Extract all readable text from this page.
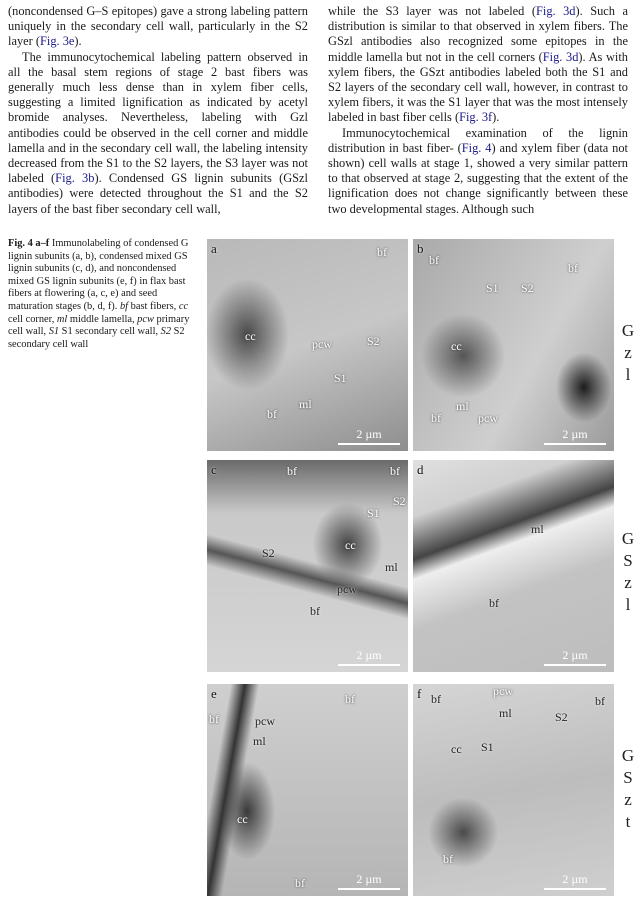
(noncondensed G–S epitopes) gave a strong labeling pattern uniquely in the secondary cell wall, particularly in the S2 layer (Fig. 3e).

The immunocytochemical labeling pattern observed in all the basal stem regions of stage 2 bast fibers was generally much less dense than in xylem fiber cells, suggesting a limited lignification as indicated by acetyl bromide analyses. Nevertheless, labeling with Gzl antibodies could be observed in the cell corner and middle lamella and in the secondary cell wall, the labeling intensity decreased from the S1 to the S2 layers, the S3 layer was not labeled (Fig. 3b). Condensed GS lignin subunits (GSzl antibodies) were detected throughout the S1 and the S2 layers of the bast fiber secondary cell wall,

while the S3 layer was not labeled (Fig. 3d). Such a distribution is similar to that observed in xylem fibers. The GSzl antibodies also recognized some epitopes in the middle lamella but not in the cell corners (Fig. 3d). As with xylem fibers, the GSzt antibodies labeled both the S1 and S2 layers of the secondary cell wall, however, in contrast to xylem fibers, it was the S1 layer that was the most intensely labeled in bast fiber cells (Fig. 3f).

Immunocytochemical examination of the lignin distribution in bast fiber- (Fig. 4) and xylem fiber (data not shown) cell walls at stage 1, showed a very similar pattern to that observed at stage 2, suggesting that the extent of the lignification does not change significantly between these two developmental stages. Although such

Fig. 4 a–f Immunolabeling of condensed G lignin subunits (a, b), condensed mixed GS lignin subunits (c, d), and noncondensed mixed GS lignin subunits (e, f) in flax bast fibers at flowering (a, c, e) and seed maturation stages (b, d, f). bf bast fibers, cc cell corner, ml middle lamella, pcw primary cell wall, S1 S1 secondary cell wall, S2 S2 secondary cell wall
a	bf
cc
pcw	S2
S1
ml
bf
2 µm
b
bf
S1 S2
bf
cc
ml
pcw
bf
2 µm
c	bf	bf
S2
S1
cc
S2
ml
pcw
bf
2 µm
d
ml
bf
2 µm
e	bf
bf	pcw
ml
cc
bf	2 µm
f bf
pcw
ml	S2
bf
S1
cc
bf
2 µm
G
z
l
G
S
z
l
G
S
z
t
